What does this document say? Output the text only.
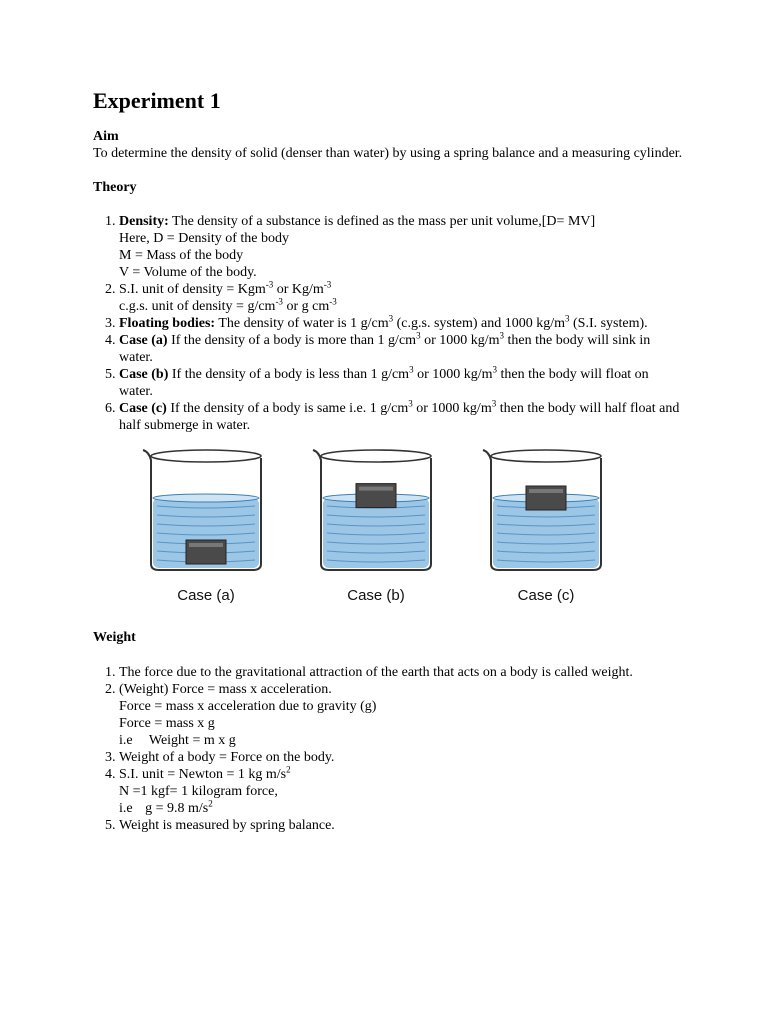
Experiment 1

Aim

To determine the density of solid (denser than water) by using a spring balance and a measuring cylinder.

Theory

1. Density: The density of a substance is defined as the mass per unit volume,[D= MV]
Here, D = Density of the body
M = Mass of the body
V = Volume of the body.
2. S.I. unit of density = Kgm$^{-3}$ or $Kg/m^{-3}$
c.g.s. unit of density = $g/cm^{-3}$ or g $cm^{-3}$
3. Floating bodies: The density of water is 1 $g/cm^3$ (c.g.s. system) and 1000 $kg/m^3$ (S.I. system).
4. Case (a) If the density of a body is more than 1 $g/cm^3$ or 1000 $kg/m^3$ then the body will sink in water.
5. Case (b) If the density of a body is less than 1 $g/cm^3$ or 1000 $kg/m^3$ then the body will float on water.
6. Case (c) If the density of a body is same i.e. 1 $g/cm^3$ or 1000 $kg/m^3$ then the body will half float and half submerge in water.
Case (a)	Case (b)	Case (c)

Weight

1. The force due to the gravitational attraction of the earth that acts on a body is called weight.
2. (Weight) Force = mass x acceleration.
Force = mass x acceleration due to gravity (g)
Force = mass x g
i.e Weight = m x g
3. Weight of a body = Force on the body.
4. S.I. unit = Newton = 1 kg $m/s^2$
N =1 kgf= 1 kilogram force,
i.e g = 9.8 $m/s^2$
5. Weight is measured by spring balance.
